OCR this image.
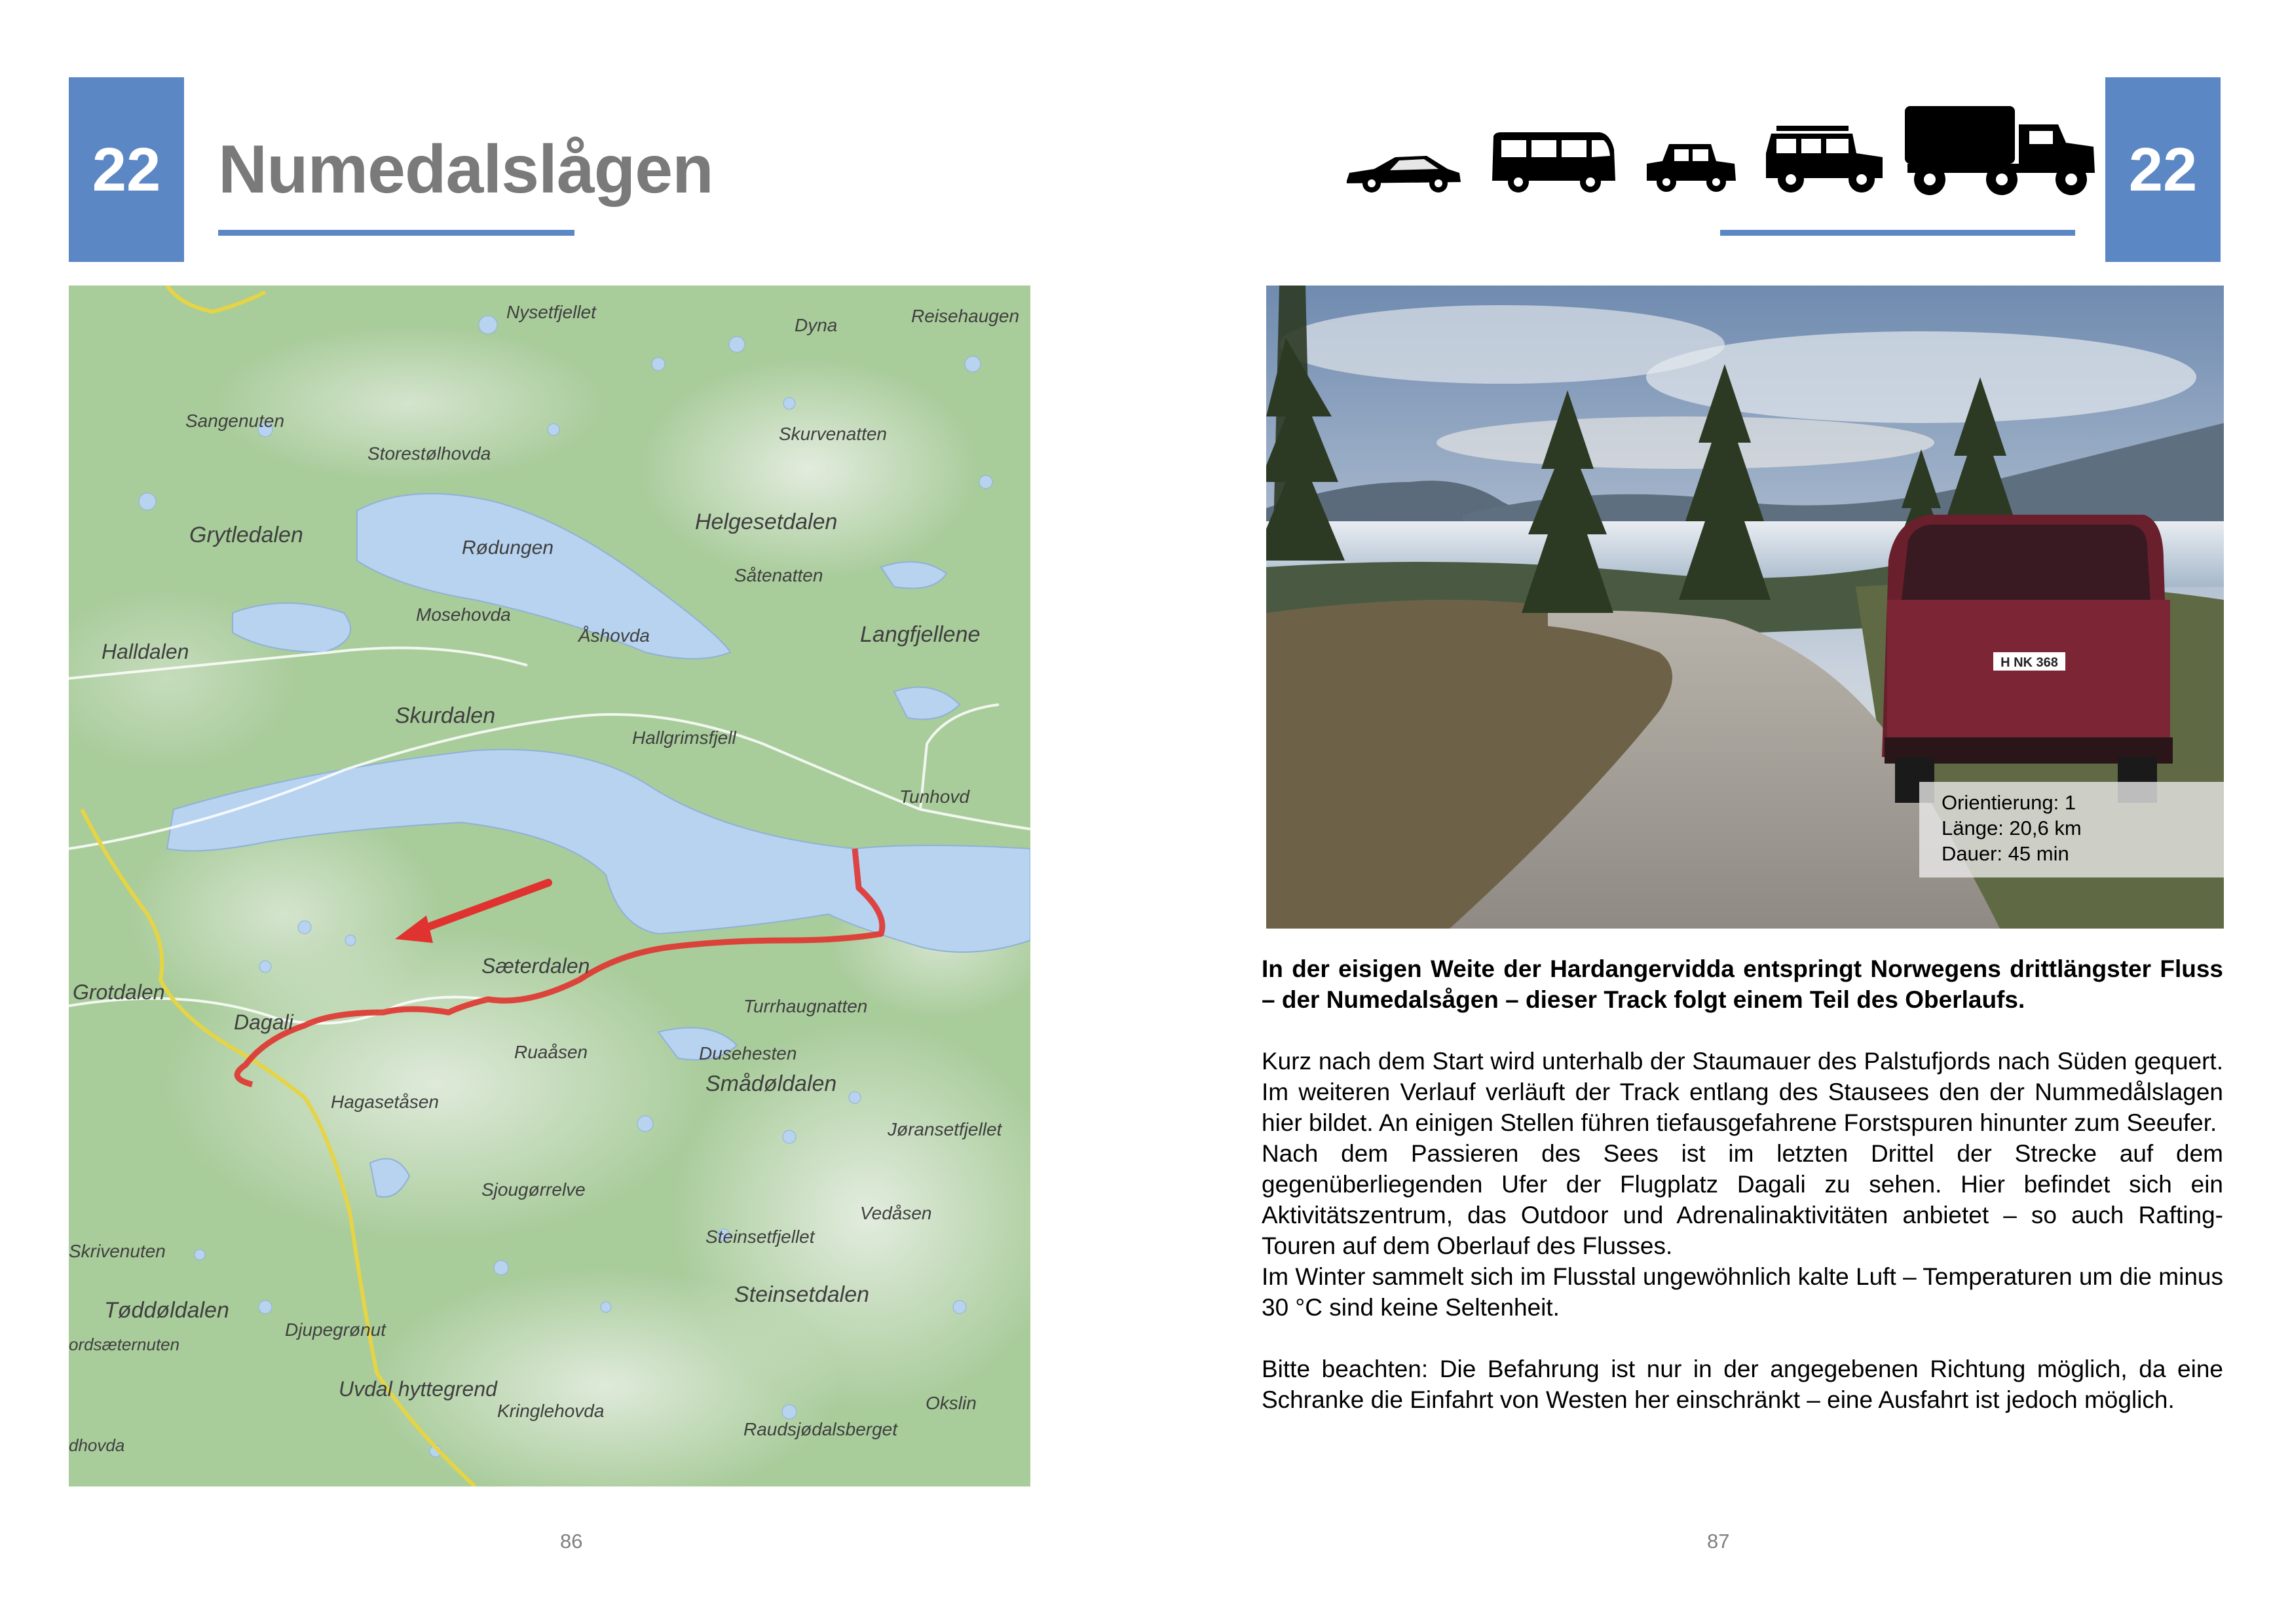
22 Numedalslågen	22
Nysetfjellet
Dyna	Reisehaugen
Sangenuten
Storestølhovda
Skurvenatten
Grytledalen
Helgesetdalen
Rødungen
Såtenatten
Mosehovda
Åshovda	Langfjellene
Halldalen
Skurdalen
Hallgrimsfjell
Tunhovd
Grotdalen
Dagali
Sæterdalen
Turrhaugnatten
Ruaåsen	Dusehesten
Smådøldalen
Hagasetåsen
Jøransetfjellet
Sjougørrelve
Vedåsen
Skrivenuten
Steinsetfjellet
Steinsetdalen
Tøddøldalen
Djupegrønut
ordsæternuten
Uvdal hyttegrend
Kringlehovda	Okslin
Raudsjødalsberget
dhovda
H NK 368
Orientierung: 1
Länge: 20,6 km
Dauer: 45 min

In der eisigen Weite der Hardangervidda entspringt Norwegens drittlängster Fluss – der Numedalsågen – dieser Track folgt einem Teil des Oberlaufs.

Kurz nach dem Start wird unterhalb der Staumauer des Palstufjords nach Süden gequert. Im weiteren Verlauf verläuft der Track entlang des Stausees den der Nummedålslagen hier bildet. An einigen Stellen führen tiefausgefahrene Forstspuren hinunter zum Seeufer.

Nach dem Passieren des Sees ist im letzten Drittel der Strecke auf dem gegenüberliegenden Ufer der Flugplatz Dagali zu sehen. Hier befindet sich ein Aktivitätszentrum, das Outdoor und Adrenalinaktivitäten anbietet – so auch Rafting-Touren auf dem Oberlauf des Flusses.

Im Winter sammelt sich im Flusstal ungewöhnlich kalte Luft – Temperaturen um die minus 30 °C sind keine Seltenheit.

Bitte beachten: Die Befahrung ist nur in der angegebenen Richtung möglich, da eine Schranke die Einfahrt von Westen her einschränkt – eine Ausfahrt ist jedoch möglich.

86	87
